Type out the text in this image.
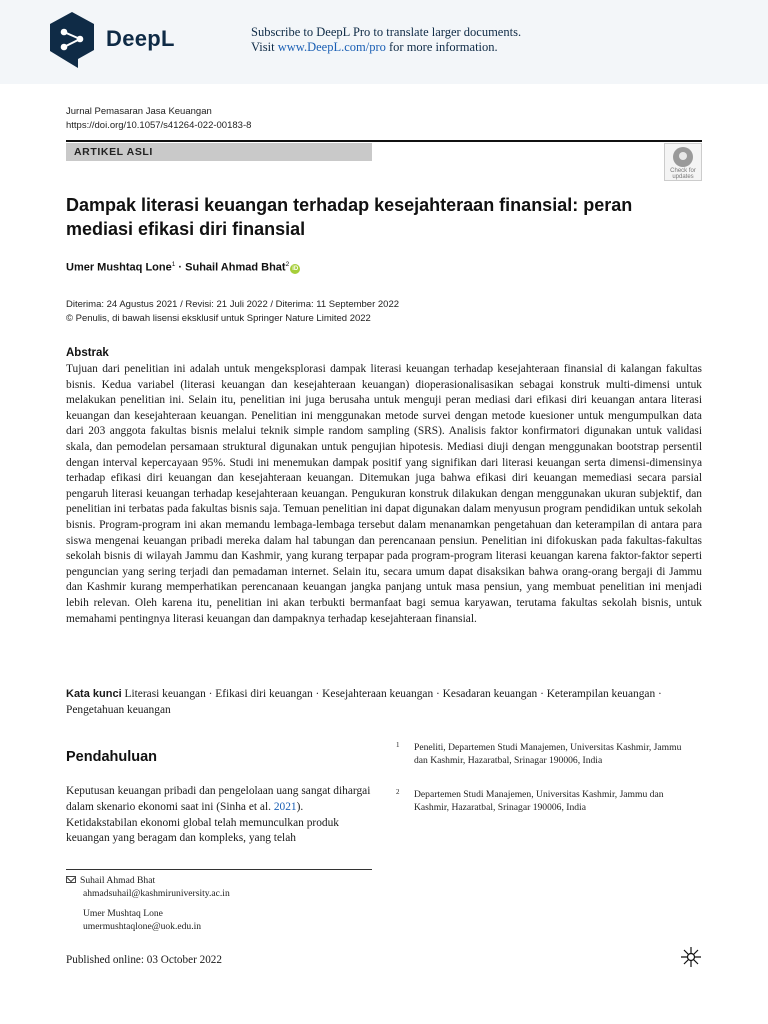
DeepL	Subscribe to DeepL Pro to translate larger documents.
Visit www.DeepL.com/pro for more information.
Jurnal Pemasaran Jasa Keuangan
https://doi.org/10.1057/s41264-022-00183-8
ARTIKEL ASLI
Check for updates
Dampak literasi keuangan terhadap kesejahteraan finansial: peran mediasi efikasi diri finansial
Umer Mushtaq Lone$^1$ · Suhail Ahmad Bhat$^2$iD
Diterima: 24 Agustus 2021 / Revisi: 21 Juli 2022 / Diterima: 11 September 2022
© Penulis, di bawah lisensi eksklusif untuk Springer Nature Limited 2022
Abstrak
Tujuan dari penelitian ini adalah untuk mengeksplorasi dampak literasi keuangan terhadap kesejahteraan finansial di kalangan fakultas bisnis. Kedua variabel (literasi keuangan dan kesejahteraan keuangan) dioperasionalisasikan sebagai konstruk multi-dimensi untuk melakukan penelitian ini. Selain itu, penelitian ini juga berusaha untuk menguji peran mediasi dari efikasi diri keuangan antara literasi keuangan dan kesejahteraan keuangan. Penelitian ini menggunakan metode survei dengan metode kuesioner untuk mengumpulkan data dari 203 anggota fakultas bisnis melalui teknik simple random sampling (SRS). Analisis faktor konfirmatori digunakan untuk validasi skala, dan pemodelan persamaan struktural digunakan untuk pengujian hipotesis. Mediasi diuji dengan menggunakan bootstrap persentil dengan interval kepercayaan 95%. Studi ini menemukan dampak positif yang signifikan dari literasi keuangan serta dimensi-dimensinya terhadap efikasi diri keuangan dan kesejahteraan keuangan. Ditemukan juga bahwa efikasi diri keuangan memediasi secara parsial pengaruh literasi keuangan terhadap kesejahteraan keuangan. Pengukuran konstruk dilakukan dengan menggunakan ukuran subjektif, dan penelitian ini terbatas pada fakultas bisnis saja. Temuan penelitian ini dapat digunakan dalam menyusun program pendidikan untuk sekolah bisnis. Program-program ini akan memandu lembaga-lembaga tersebut dalam menanamkan pengetahuan dan keterampilan di antara para siswa mengenai keuangan pribadi mereka dalam hal tabungan dan perencanaan pensiun. Penelitian ini difokuskan pada fakultas-fakultas sekolah bisnis di wilayah Jammu dan Kashmir, yang kurang terpapar pada program-program literasi keuangan karena faktor-faktor seperti penguncian yang sering terjadi dan pemadaman internet. Selain itu, secara umum dapat disaksikan bahwa orang-orang bergaji di Jammu dan Kashmir kurang memperhatikan perencanaan keuangan jangka panjang untuk masa pensiun, yang membuat penelitian ini menjadi lebih relevan. Oleh karena itu, penelitian ini akan terbukti bermanfaat bagi semua karyawan, terutama fakultas sekolah bisnis, untuk memahami pentingnya literasi keuangan dan dampaknya terhadap kesejahteraan finansial.
Kata kunci Literasi keuangan · Efikasi diri keuangan · Kesejahteraan keuangan · Kesadaran keuangan · Keterampilan keuangan · Pengetahuan keuangan
Pendahuluan
Keputusan keuangan pribadi dan pengelolaan uang sangat dihargai dalam skenario ekonomi saat ini (Sinha et al. 2021). Ketidakstabilan ekonomi global telah memunculkan produk keuangan yang beragam dan kompleks, yang telah
1 Peneliti, Departemen Studi Manajemen, Universitas Kashmir, Jammu dan Kashmir, Hazaratbal, Srinagar 190006, India
2 Departemen Studi Manajemen, Universitas Kashmir, Jammu dan Kashmir, Hazaratbal, Srinagar 190006, India
Suhail Ahmad Bhat
ahmadsuhail@kashmiruniversity.ac.in
Umer Mushtaq Lone
umermushtaqlone@uok.edu.in
Published online: 03 October 2022
